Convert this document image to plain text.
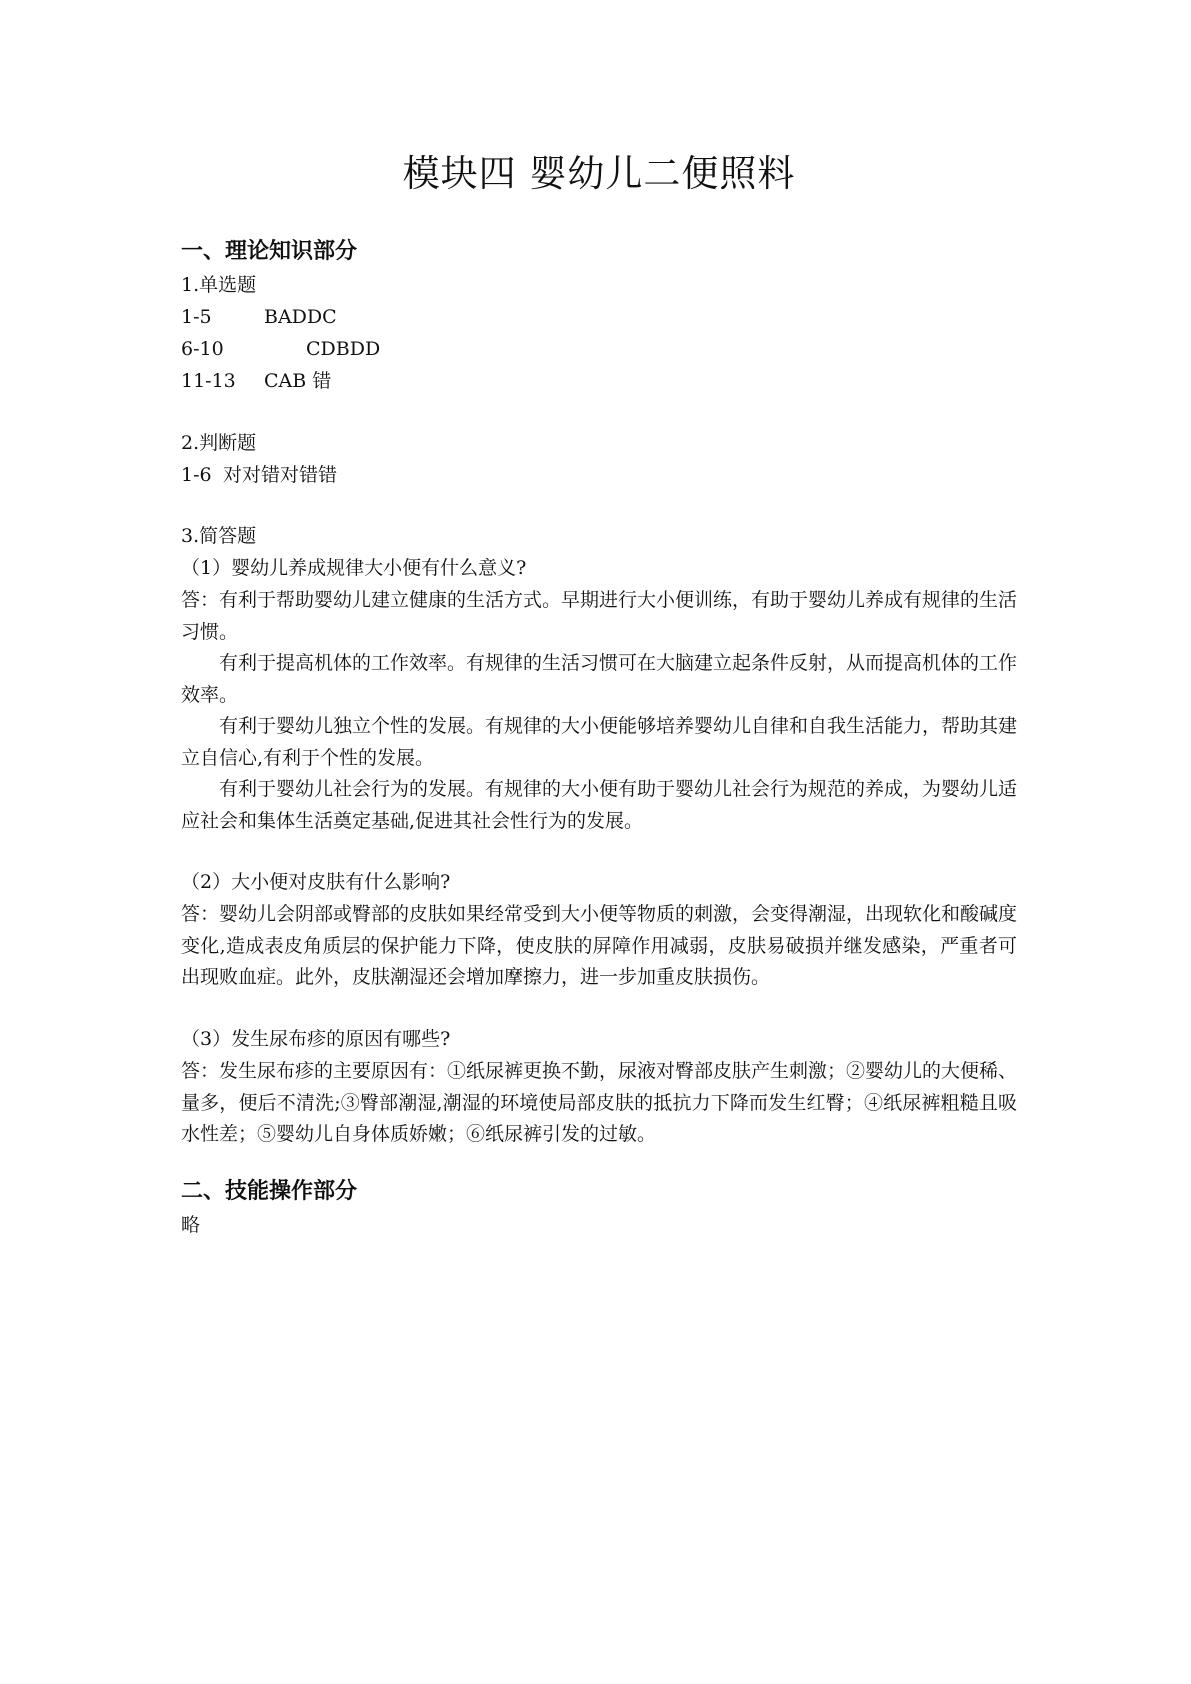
模块四 婴幼儿二便照料
一、理论知识部分
1.单选题
1-5	BADDC
6-10	CDBDD
11-13 CAB 错
2.判断题
1-6 对对错对错错
3.简答题
（1）婴幼儿养成规律大小便有什么意义?
答：有利于帮助婴幼儿建立健康的生活方式。早期进行大小便训练，有助于婴幼儿养成有规律的生活习惯。
有利于提高机体的工作效率。有规律的生活习惯可在大脑建立起条件反射，从而提高机体的工作效率。
有利于婴幼儿独立个性的发展。有规律的大小便能够培养婴幼儿自律和自我生活能力，帮助其建立自信心,有利于个性的发展。
有利于婴幼儿社会行为的发展。有规律的大小便有助于婴幼儿社会行为规范的养成，为婴幼儿适应社会和集体生活奠定基础,促进其社会性行为的发展。
（2）大小便对皮肤有什么影响?
答：婴幼儿会阴部或臀部的皮肤如果经常受到大小便等物质的刺激，会变得潮湿，出现软化和酸碱度变化,造成表皮角质层的保护能力下降，使皮肤的屏障作用减弱，皮肤易破损并继发感染，严重者可出现败血症。此外，皮肤潮湿还会增加摩擦力，进一步加重皮肤损伤。
（3）发生尿布疹的原因有哪些?
答：发生尿布疹的主要原因有：①纸尿裤更换不勤，尿液对臀部皮肤产生刺激；②婴幼儿的大便稀、量多，便后不清洗;③臀部潮湿,潮湿的环境使局部皮肤的抵抗力下降而发生红臀；④纸尿裤粗糙且吸水性差；⑤婴幼儿自身体质娇嫩；⑥纸尿裤引发的过敏。
二、技能操作部分
略
